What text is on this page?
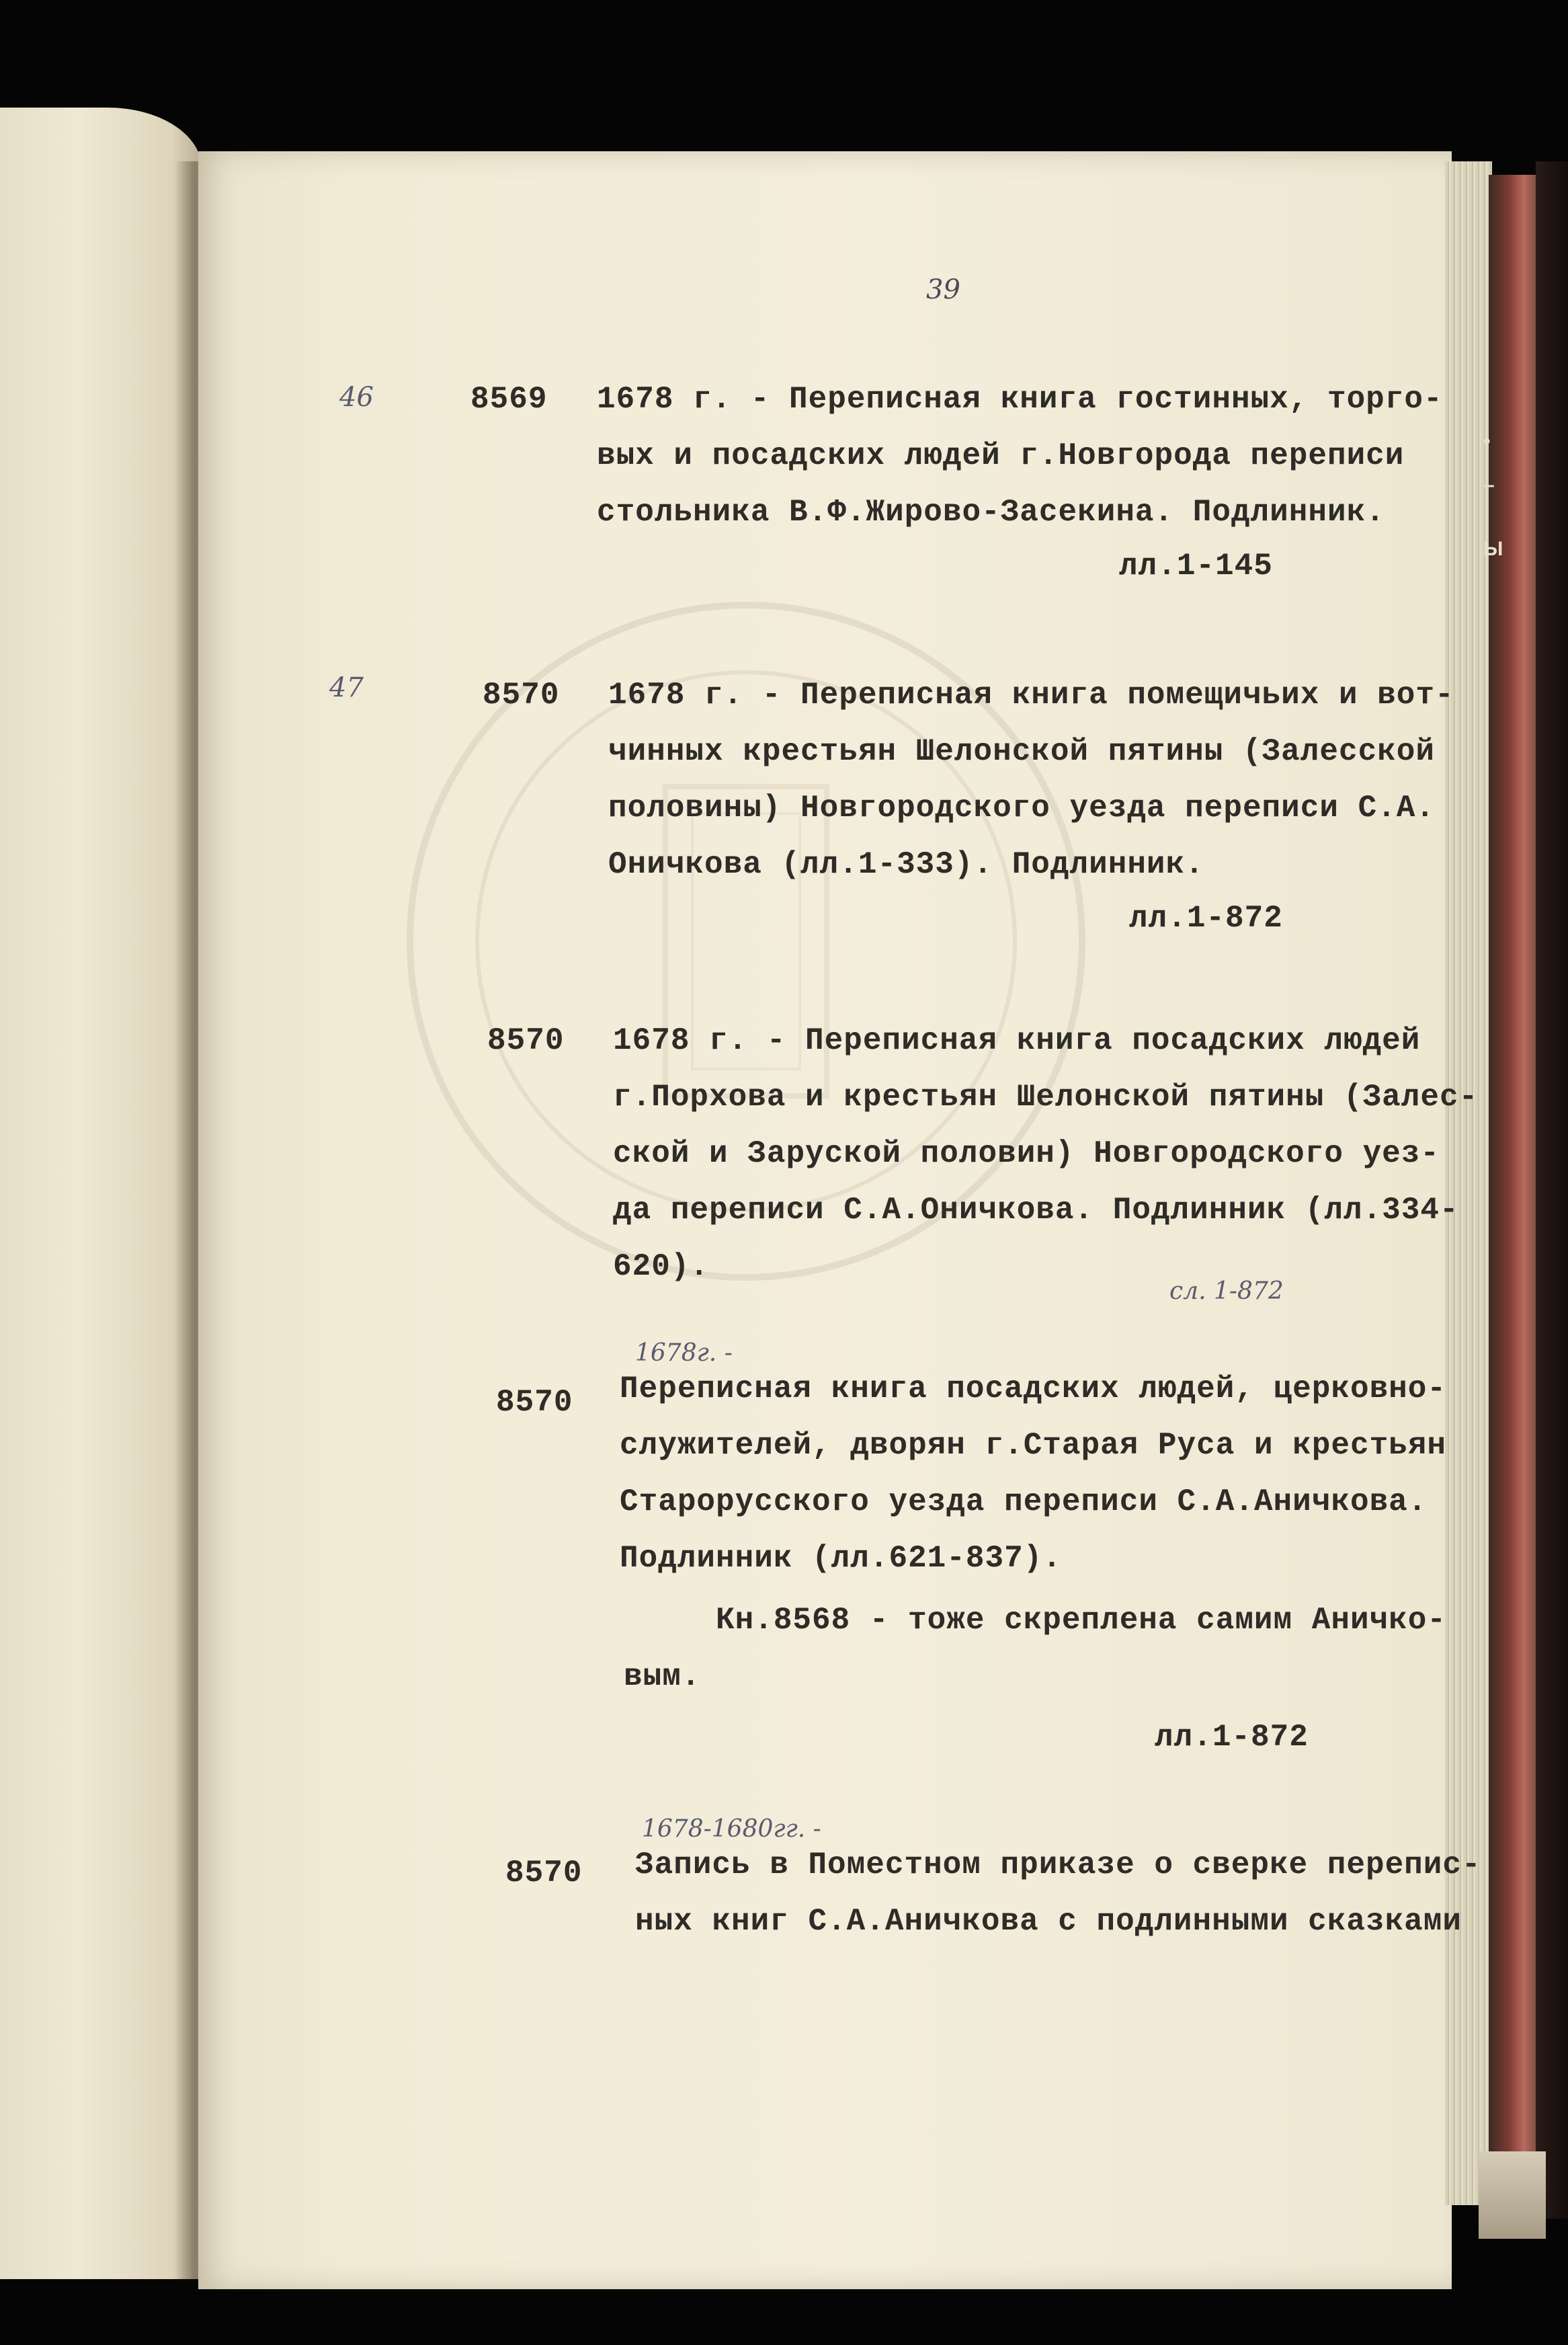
•
–
Ы

39

46	8569 1678 г. - Переписная книга гостинных, торго-

вых и посадских людей г.Новгорода переписи

стольника В.Ф.Жирово-Засекина. Подлинник.

лл.1-145

47	8570 1678 г. - Переписная книга помещичьих и вот-

чинных крестьян Шелонской пятины (Залесской

половины) Новгородского уезда переписи С.А.

Оничкова (лл.1-333). Подлинник.

лл.1-872

8570 1678 г. - Переписная книга посадских людей

г.Порхова и крестьян Шелонской пятины (Залес-

ской и Заруской половин) Новгородского уез-

да переписи С.А.Оничкова. Подлинник (лл.334-

620).

сл. 1-872

1678г. -

8570 Переписная книга посадских людей, церковно-

служителей, дворян г.Старая Руса и крестьян

Старорусского уезда переписи С.А.Аничкова.

Подлинник (лл.621-837).

Кн.8568 - тоже скреплена самим Аничко-

вым.

лл.1-872

1678-1680гг. -

8570 Запись в Поместном приказе о сверке перепис-

ных книг С.А.Аничкова с подлинными сказками
